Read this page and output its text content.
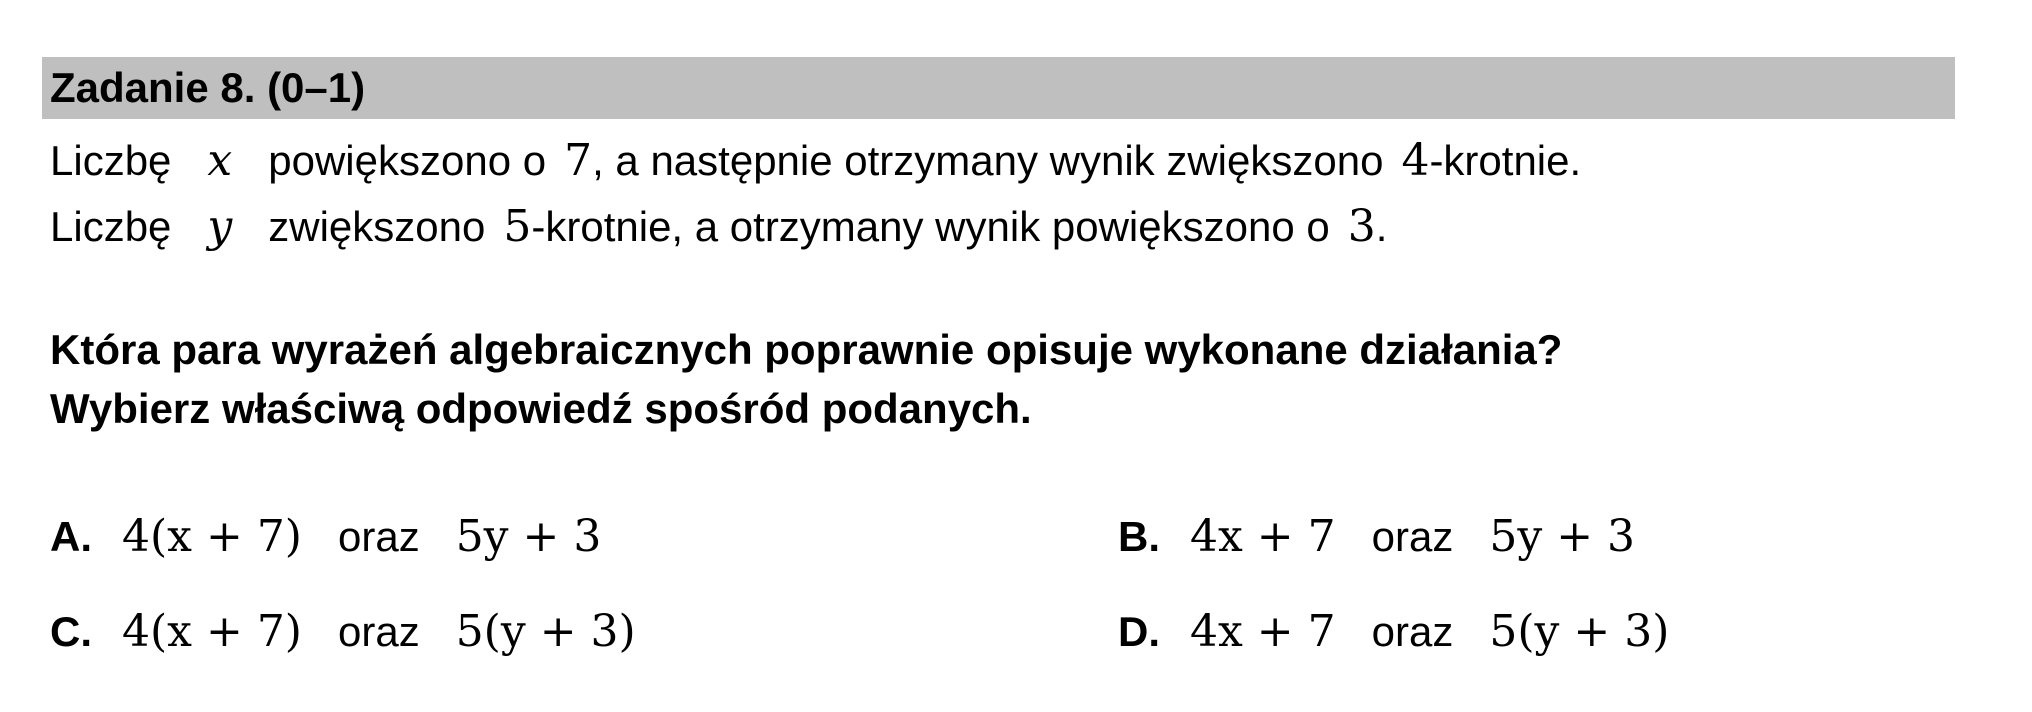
Zadanie 8. (0–1)
Liczbę x powiększono o 7, a następnie otrzymany wynik zwiększono 4-krotnie.
Liczbę y zwiększono 5-krotnie, a otrzymany wynik powiększono o 3.
Która para wyrażeń algebraicznych poprawnie opisuje wykonane działania?
Wybierz właściwą odpowiedź spośród podanych.
A. 4(x + 7) oraz 5y + 3	B. 4x + 7 oraz 5y + 3
C. 4(x + 7) oraz 5(y + 3)	D. 4x + 7 oraz 5(y + 3)
